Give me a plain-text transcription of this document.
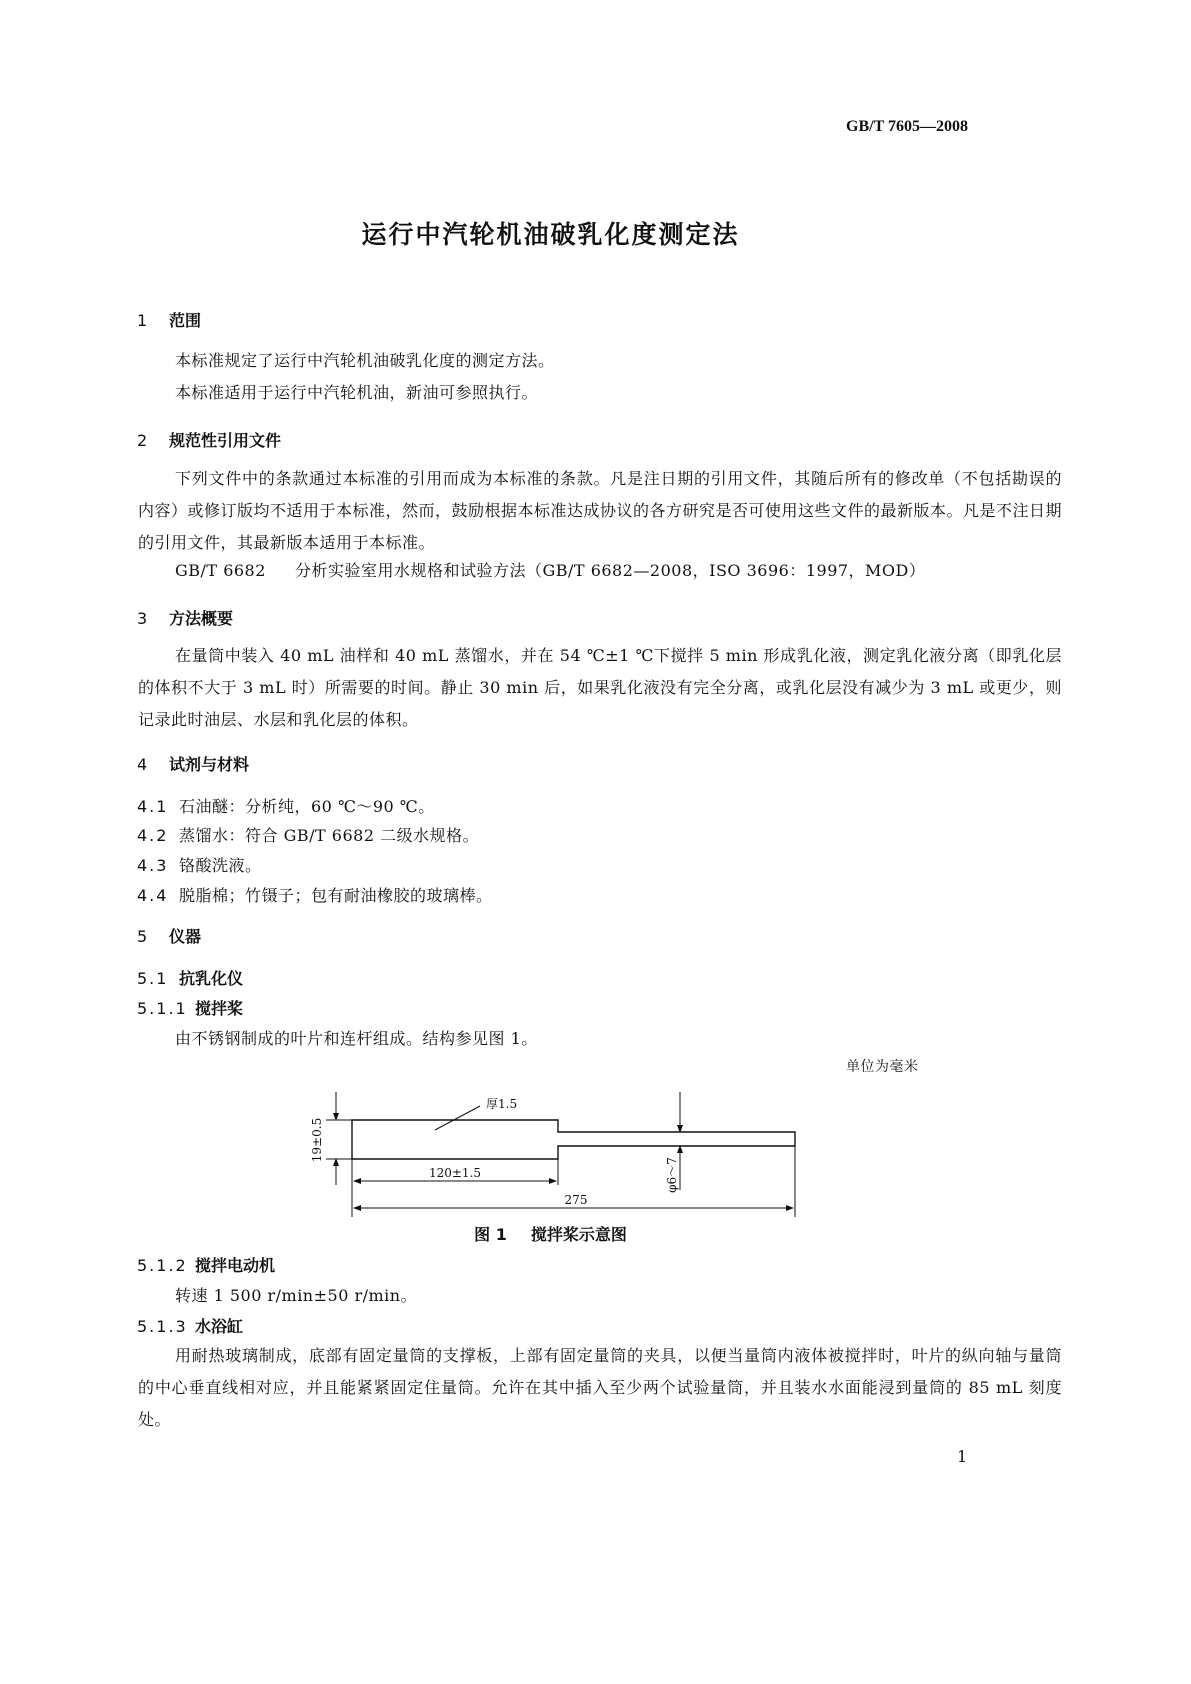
GB/T 7605—2008
运行中汽轮机油破乳化度测定法
1 范围
本标准规定了运行中汽轮机油破乳化度的测定方法。
本标准适用于运行中汽轮机油，新油可参照执行。
2 规范性引用文件
下列文件中的条款通过本标准的引用而成为本标准的条款。凡是注日期的引用文件，其随后所有的修改单（不包括勘误的内容）或修订版均不适用于本标准，然而，鼓励根据本标准达成协议的各方研究是否可使用这些文件的最新版本。凡是不注日期的引用文件，其最新版本适用于本标准。
GB/T 6682 分析实验室用水规格和试验方法（GB/T 6682—2008，ISO 3696：1997，MOD）
3 方法概要
在量筒中装入 40 mL 油样和 40 mL 蒸馏水，并在 54 ℃±1 ℃下搅拌 5 min 形成乳化液，测定乳化液分离（即乳化层的体积不大于 3 mL 时）所需要的时间。静止 30 min 后，如果乳化液没有完全分离，或乳化层没有减少为 3 mL 或更少，则记录此时油层、水层和乳化层的体积。
4 试剂与材料
4.1 石油醚：分析纯，60 ℃～90 ℃。
4.2 蒸馏水：符合 GB/T 6682 二级水规格。
4.3 铬酸洗液。
4.4 脱脂棉；竹镊子；包有耐油橡胶的玻璃棒。
5 仪器
5.1 抗乳化仪
5.1.1 搅拌桨
由不锈钢制成的叶片和连杆组成。结构参见图 1。
单位为毫米
19±0.5
120±1.5
275
厚1.5
φ6～7
图 1 搅拌桨示意图
5.1.2 搅拌电动机
转速 1 500 r/min±50 r/min。
5.1.3 水浴缸
用耐热玻璃制成，底部有固定量筒的支撑板，上部有固定量筒的夹具，以便当量筒内液体被搅拌时，叶片的纵向轴与量筒的中心垂直线相对应，并且能紧紧固定住量筒。允许在其中插入至少两个试验量筒，并且装水水面能浸到量筒的 85 mL 刻度处。
1
